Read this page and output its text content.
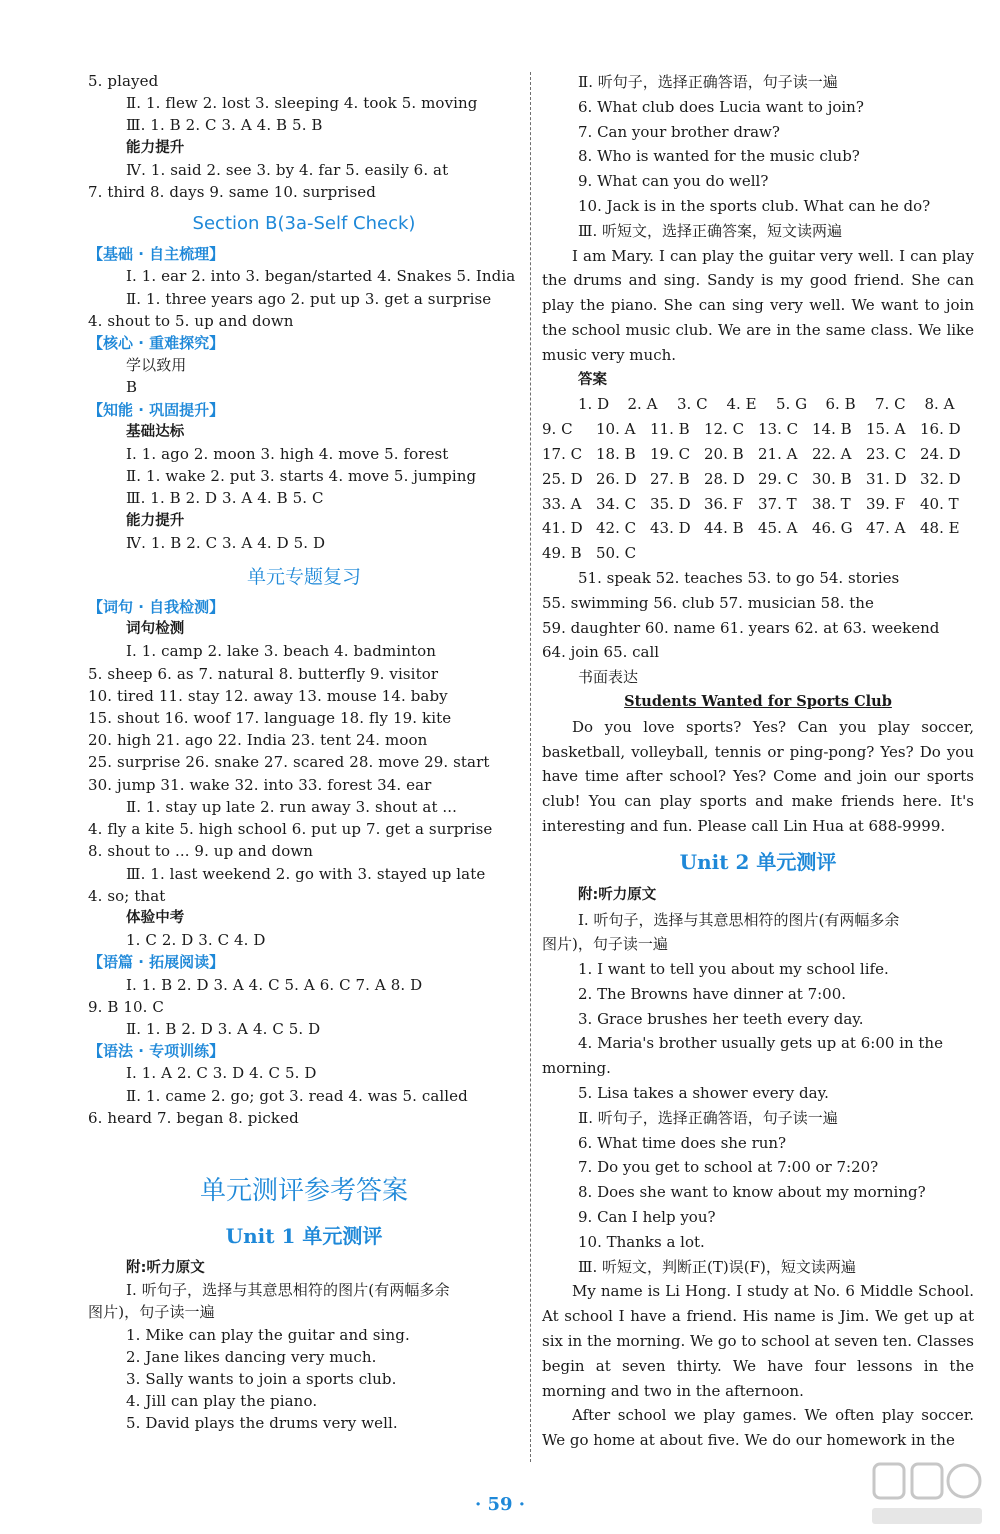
5. played
Ⅱ. 1. flew 2. lost 3. sleeping 4. took 5. moving
Ⅲ. 1. B 2. C 3. A 4. B 5. B
能力提升
Ⅳ. 1. said 2. see 3. by 4. far 5. easily 6. at
7. third 8. days 9. same 10. surprised
Section B(3a-Self Check)
【基础 · 自主梳理】
Ⅰ. 1. ear 2. into 3. began/started 4. Snakes 5. India
Ⅱ. 1. three years ago 2. put up 3. get a surprise
4. shout to 5. up and down
【核心 · 重难探究】
学以致用
B
【知能 · 巩固提升】
基础达标
Ⅰ. 1. ago 2. moon 3. high 4. move 5. forest
Ⅱ. 1. wake 2. put 3. starts 4. move 5. jumping
Ⅲ. 1. B 2. D 3. A 4. B 5. C
能力提升
Ⅳ. 1. B 2. C 3. A 4. D 5. D
单元专题复习
【词句 · 自我检测】
词句检测
Ⅰ. 1. camp 2. lake 3. beach 4. badminton
5. sheep 6. as 7. natural 8. butterfly 9. visitor
10. tired 11. stay 12. away 13. mouse 14. baby
15. shout 16. woof 17. language 18. fly 19. kite
20. high 21. ago 22. India 23. tent 24. moon
25. surprise 26. snake 27. scared 28. move 29. start
30. jump 31. wake 32. into 33. forest 34. ear
Ⅱ. 1. stay up late 2. run away 3. shout at ...
4. fly a kite 5. high school 6. put up 7. get a surprise
8. shout to ... 9. up and down
Ⅲ. 1. last weekend 2. go with 3. stayed up late
4. so; that
体验中考
1. C 2. D 3. C 4. D
【语篇 · 拓展阅读】
Ⅰ. 1. B 2. D 3. A 4. C 5. A 6. C 7. A 8. D
9. B 10. C
Ⅱ. 1. B 2. D 3. A 4. C 5. D
【语法 · 专项训练】
Ⅰ. 1. A 2. C 3. D 4. C 5. D
Ⅱ. 1. came 2. go; got 3. read 4. was 5. called
6. heard 7. began 8. picked
单元测评参考答案
Unit 1 单元测评
附:听力原文
Ⅰ. 听句子，选择与其意思相符的图片(有两幅多余
图片)，句子读一遍
1. Mike can play the guitar and sing.
2. Jane likes dancing very much.
3. Sally wants to join a sports club.
4. Jill can play the piano.
5. David plays the drums very well.
Ⅱ. 听句子，选择正确答语，句子读一遍
6. What club does Lucia want to join?
7. Can your brother draw?
8. Who is wanted for the music club?
9. What can you do well?
10. Jack is in the sports club. What can he do?
Ⅲ. 听短文，选择正确答案，短文读两遍
I am Mary. I can play the guitar very well. I can play the drums and sing. Sandy is my good friend. She can play the piano. She can sing very well. We want to join the school music club. We are in the same class. We like music very much.
答案
1. D	2. A	3. C	4. E	5. G	6. B	7. C	8. A
9. C	10. A 11. B 12. C 13. C 14. B 15. A 16. D
17. C 18. B 19. C 20. B 21. A 22. A 23. C 24. D
25. D 26. D 27. B 28. D 29. C 30. B 31. D 32. D
33. A 34. C 35. D 36. F 37. T	38. T	39. F 40. T
41. D 42. C 43. D 44. B 45. A 46. G 47. A 48. E
49. B 50. C
51. speak 52. teaches 53. to go 54. stories
55. swimming 56. club 57. musician 58. the
59. daughter 60. name 61. years 62. at 63. weekend
64. join 65. call
书面表达
Students Wanted for Sports Club
Do you love sports? Yes? Can you play soccer, basketball, volleyball, tennis or ping-pong? Yes? Do you have time after school? Yes? Come and join our sports club! You can play sports and make friends here. It's interesting and fun. Please call Lin Hua at 688-9999.
Unit 2 单元测评
附:听力原文
Ⅰ. 听句子，选择与其意思相符的图片(有两幅多余
图片)，句子读一遍
1. I want to tell you about my school life.
2. The Browns have dinner at 7:00.
3. Grace brushes her teeth every day.
4. Maria's brother usually gets up at 6:00 in the
morning.
5. Lisa takes a shower every day.
Ⅱ. 听句子，选择正确答语，句子读一遍
6. What time does she run?
7. Do you get to school at 7:00 or 7:20?
8. Does she want to know about my morning?
9. Can I help you?
10. Thanks a lot.
Ⅲ. 听短文，判断正(T)误(F)，短文读两遍
My name is Li Hong. I study at No. 6 Middle School. At school I have a friend. His name is Jim. We get up at six in the morning. We go to school at seven ten. Classes begin at seven thirty. We have four lessons in the morning and two in the afternoon.
After school we play games. We often play soccer. We go home at about five. We do our homework in the
· 59 ·
